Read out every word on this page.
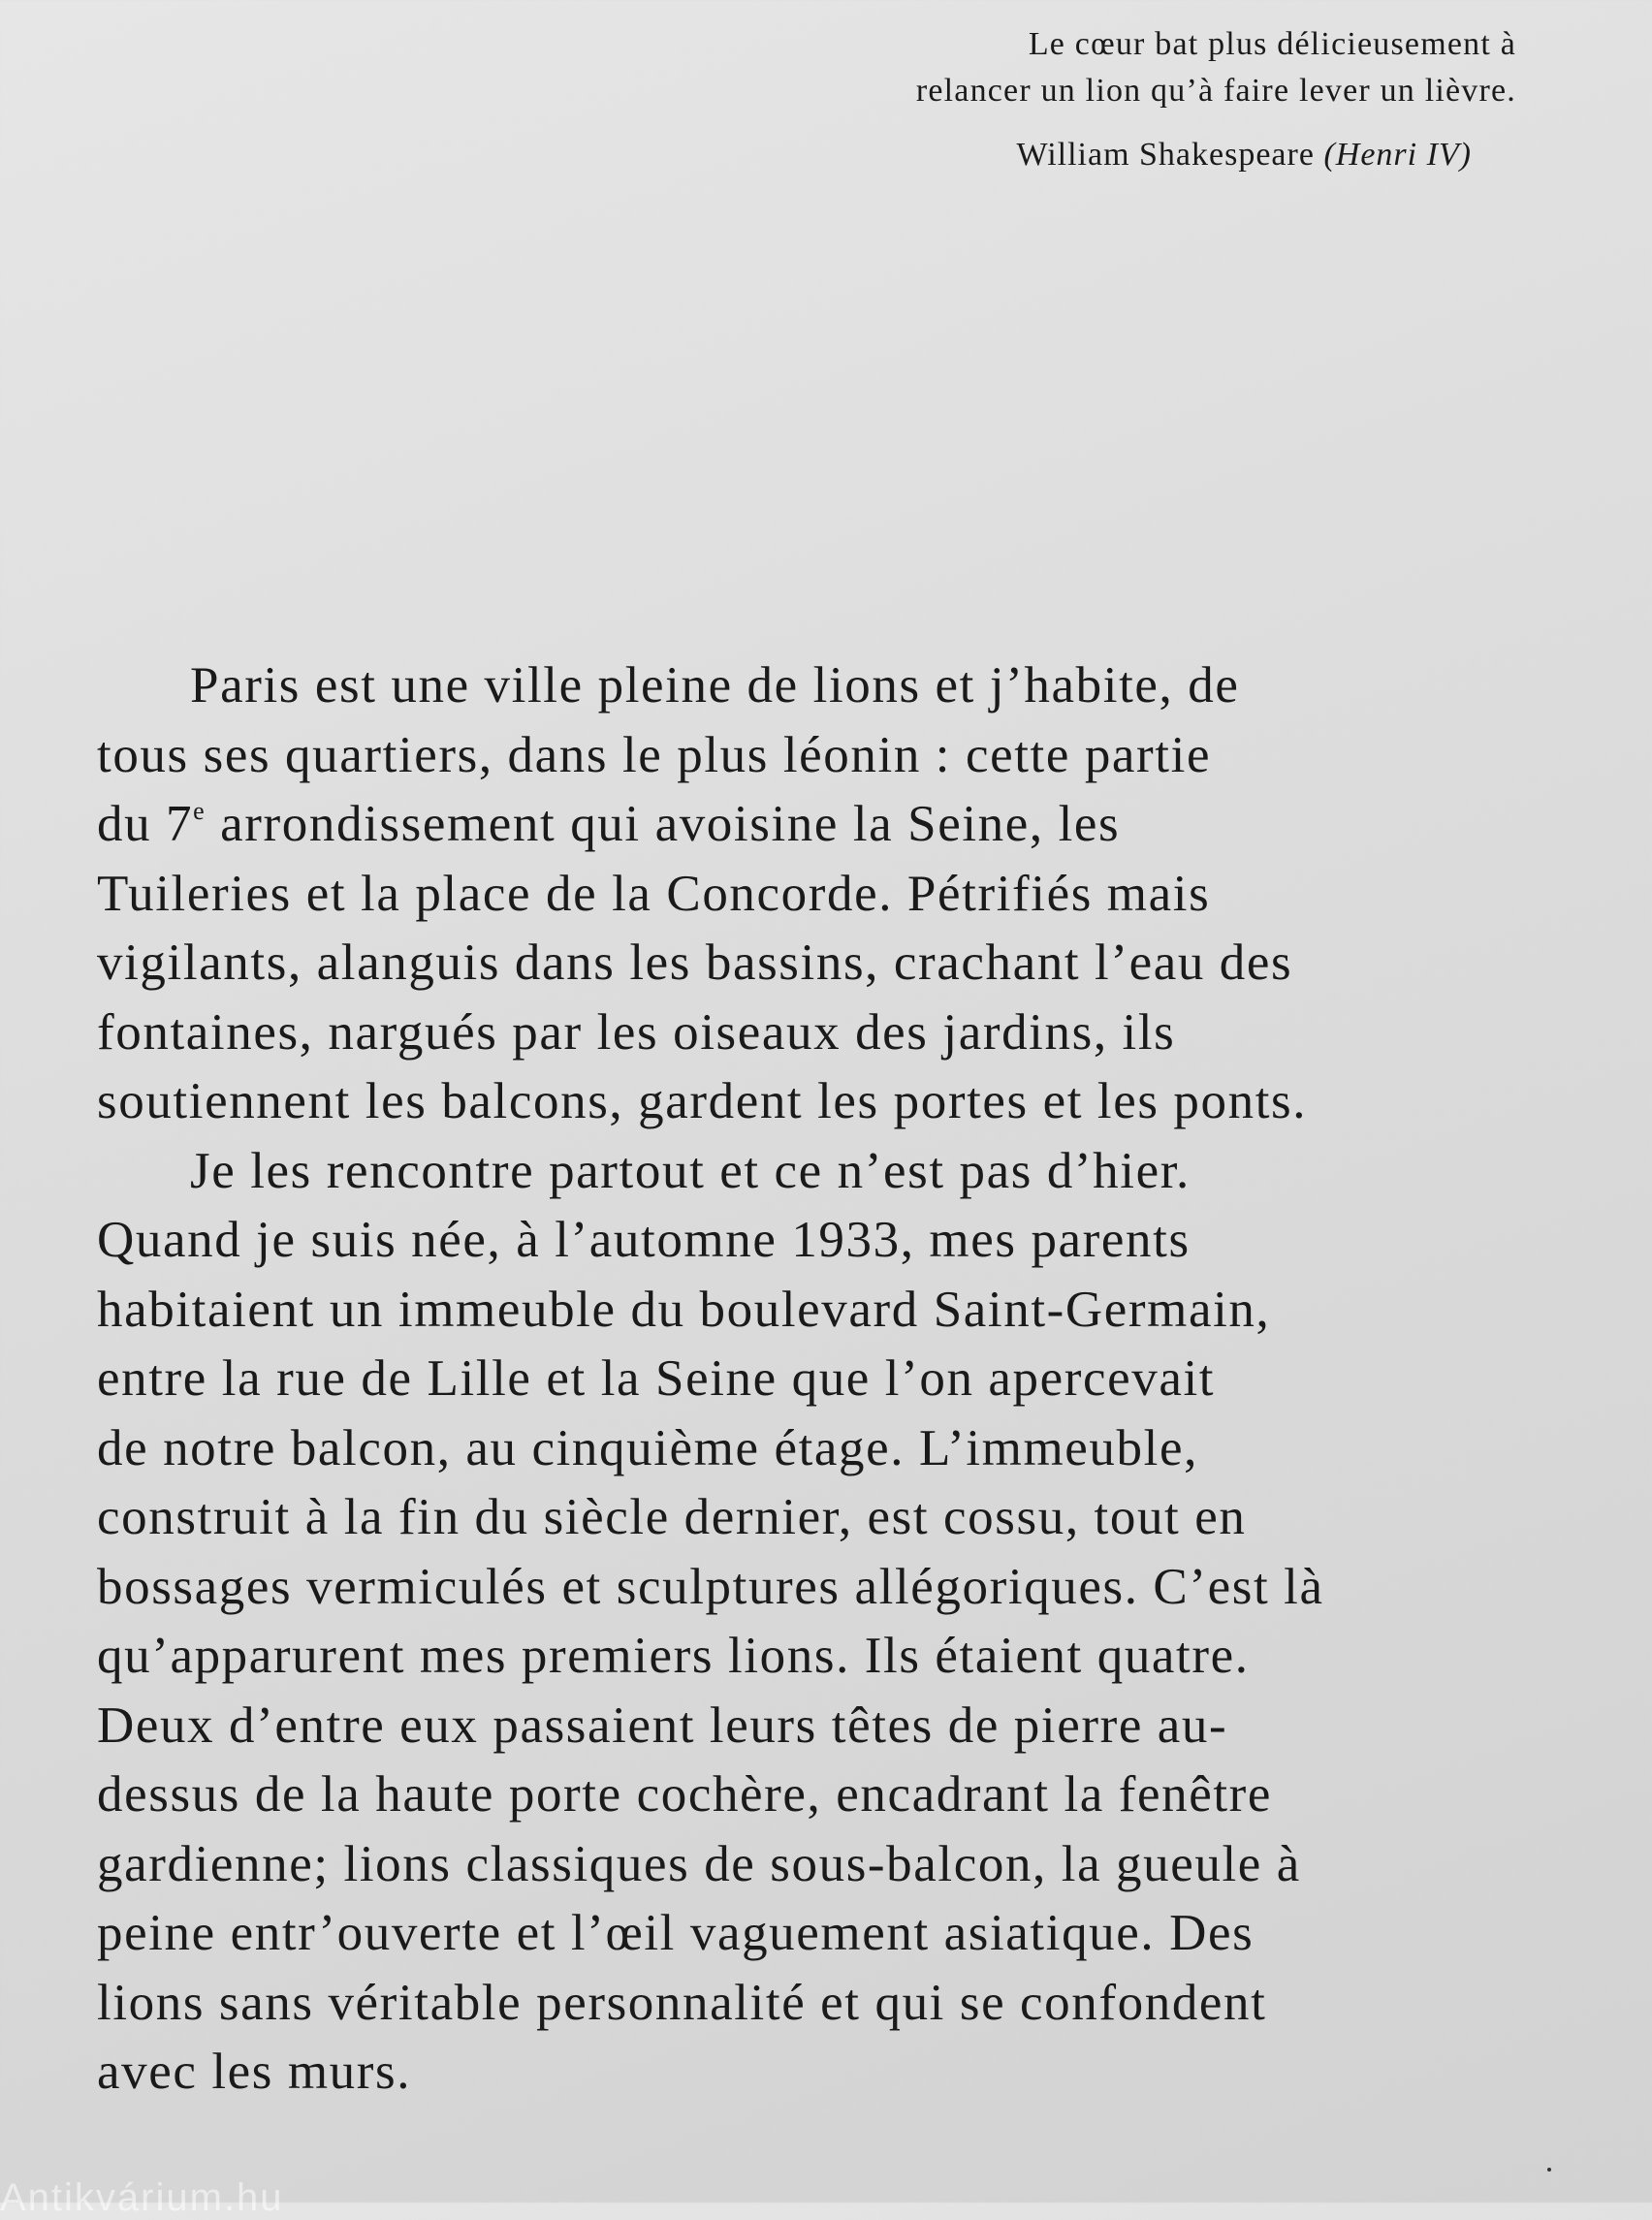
Le cœur bat plus délicieusement à
relancer un lion qu’à faire lever un lièvre.

William Shakespeare (Henri IV)

Paris est une ville pleine de lions et j’habite, de
tous ses quartiers, dans le plus léonin : cette partie
du 7e arrondissement qui avoisine la Seine, les
Tuileries et la place de la Concorde. Pétrifiés mais
vigilants, alanguis dans les bassins, crachant l’eau des
fontaines, nargués par les oiseaux des jardins, ils
soutiennent les balcons, gardent les portes et les ponts.
Je les rencontre partout et ce n’est pas d’hier.
Quand je suis née, à l’automne 1933, mes parents
habitaient un immeuble du boulevard Saint-Germain,
entre la rue de Lille et la Seine que l’on apercevait
de notre balcon, au cinquième étage. L’immeuble,
construit à la fin du siècle dernier, est cossu, tout en
bossages vermiculés et sculptures allégoriques. C’est là
qu’apparurent mes premiers lions. Ils étaient quatre.
Deux d’entre eux passaient leurs têtes de pierre au-
dessus de la haute porte cochère, encadrant la fenêtre
gardienne; lions classiques de sous-balcon, la gueule à
peine entr’ouverte et l’œil vaguement asiatique. Des
lions sans véritable personnalité et qui se confondent
avec les murs.
Antikvárium.hu
